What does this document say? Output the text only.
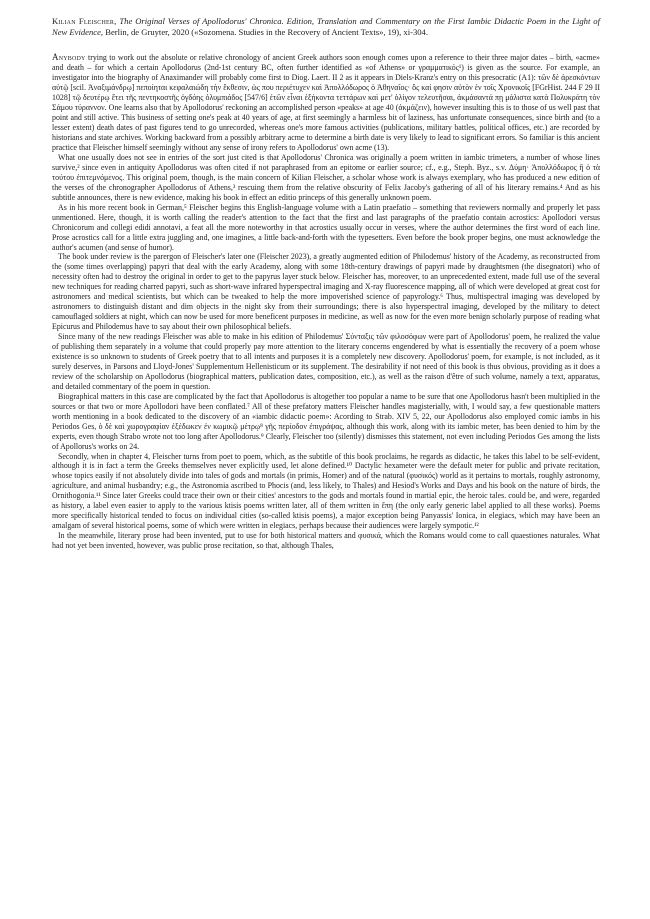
Kilian Fleischer, The Original Verses of Apollodorus' Chronica. Edition, Translation and Commentary on the First Iambic Didactic Poem in the Light of New Evidence, Berlin, de Gruyter, 2020 («Sozomena. Studies in the Recovery of Ancient Texts», 19), xi-304.

Anybody trying to work out the absolute or relative chronology of ancient Greek authors soon enough comes upon a reference to their three major dates – birth, «acme» and death – for which a certain Apollodorus (2nd-1st century BC, often further identified as «of Athens» or γραμματικός¹) is given as the source. For example, an investigator into the biography of Anaximander will probably come first to Diog. Laert. II 2 as it appears in Diels-Kranz's entry on this presocratic (A1): τῶν δὲ ἀρεσκόντων αὐτῷ [scil. Ἀναξιμάνδρῳ] πεποίηται κεφαλαιώδη τὴν ἔκθεσιν, ὡς που περιέτυχεν καὶ Ἀπολλόδωρος ὁ Ἀθηναῖος· ὃς καί φησιν αὐτὸν ἐν τοῖς Χρονικοῖς [FGrHist. 244 F 29 II 1028] τῷ δευτέρῳ ἔτει τῆς πεντηκοστῆς ὀγδόης ὀλυμπιάδος [547/6] ἐτῶν εἶναι ἑξήκοντα τεττάρων καὶ μετ' ὀλίγον τελευτῆσαι, ἀκμάσαντά πῃ μάλιστα κατὰ Πολυκράτη τὸν Σάμου τύραννον. One learns also that by Apollodorus' reckoning an accomplished person «peaks» at age 40 (ἀκμάζειν), however insulting this is to those of us well past that point and still active. This business of setting one's peak at 40 years of age, at first seemingly a harmless bit of laziness, has unfortunate consequences, since birth and (to a lesser extent) death dates of past figures tend to go unrecorded, whereas one's more famous activities (publications, military battles, political offices, etc.) are recorded by historians and state archives. Working backward from a possibly arbitrary acme to determine a birth date is very likely to lead to significant errors. So familiar is this ancient practice that Fleischer himself seemingly without any sense of irony refers to Apollodorus' own acme (13).

What one usually does not see in entries of the sort just cited is that Apollodorus' Chronica was originally a poem written in iambic trimeters, a number of whose lines survive,² since even in antiquity Apollodorus was often cited if not paraphrased from an epitome or earlier source; cf., e.g., Steph. Byz., s.v. Δύμη· Ἀπολλόδωρος ἢ ὁ τὰ τούτου ἐπιτεμνόμενος. This original poem, though, is the main concern of Kilian Fleischer, a scholar whose work is always exemplary, who has produced a new edition of the verses of the chronographer Apollodorus of Athens,³ rescuing them from the relative obscurity of Felix Jacoby's gathering of all of his literary remains.⁴ And as his subtitle announces, there is new evidence, making his book in effect an editio princeps of this generally unknown poem.

As in his more recent book in German,⁵ Fleischer begins this English-language volume with a Latin praefatio – something that reviewers normally and properly let pass unmentioned. Here, though, it is worth calling the reader's attention to the fact that the first and last paragraphs of the praefatio contain acrostics: Apollodori versus Chronicorum and collegi edidi annotavi, a feat all the more noteworthy in that acrostics usually occur in verses, where the author determines the first word of each line. Prose acrostics call for a little extra juggling and, one imagines, a little back-and-forth with the typesetters. Even before the book proper begins, one must acknowledge the author's acumen (and sense of humor).

The book under review is the parergon of Fleischer's later one (Fleischer 2023), a greatly augmented edition of Philodemus' history of the Academy, as reconstructed from the (some times overlapping) papyri that deal with the early Academy, along with some 18th-century drawings of papyri made by draughtsmen (the disegnatori) who of necessity often had to destroy the original in order to get to the papyrus layer stuck below. Fleischer has, moreover, to an unprecedented extent, made full use of the several new techniques for reading charred papyri, such as short-wave infrared hyperspectral imaging and X-ray fluorescence mapping, all of which were developed at great cost for astronomers and medical scientists, but which can be tweaked to help the more impoverished science of papyrology.⁶ Thus, multispectral imaging was developed by astronomers to distinguish distant and dim objects in the night sky from their surroundings; there is also hyperspectral imaging, developed by the military to detect camouflaged soldiers at night, which can now be used for more beneficent purposes in medicine, as well as now for the even more benign scholarly purpose of reading what Epicurus and Philodemus have to say about their own philosophical beliefs.

Since many of the new readings Fleischer was able to make in his edition of Philodemus' Σύνταξις τῶν φιλοσόφων were part of Apollodorus' poem, he realized the value of publishing them separately in a volume that could properly pay more attention to the literary concerns engendered by what is essentially the recovery of a poem whose existence is so unknown to students of Greek poetry that to all intents and purposes it is a completely new discovery. Apollodorus' poem, for example, is not included, as it surely deserves, in Parsons and Lloyd-Jones' Supplementum Hellenisticum or its supplement. The desirability if not need of this book is thus obvious, providing as it does a review of the scholarship on Apollodorus (biographical matters, publication dates, composition, etc.), as well as the raison d'être of such volume, namely a text, apparatus, and detailed commentary of the poem in question.

Biographical matters in this case are complicated by the fact that Apollodorus is altogether too popular a name to be sure that one Apollodorus hasn't been multiplied in the sources or that two or more Apollodori have been conflated.⁷ All of these prefatory matters Fleischer handles magisterially, with, I would say, a few questionable matters worth mentioning in a book dedicated to the discovery of an «iambic didactic poem»: Acording to Strab. XIV 5, 22, our Apollodorus also employed comic iambs in his Periodos Ges, ὁ δὲ καὶ χωρογραφίαν ἐξέδωκεν ἐν κωμικῷ μέτρῳ⁸ γῆς περίοδον ἐπιγράψας, although this work, along with its iambic meter, has been denied to him by the experts, even though Strabo wrote not too long after Apollodorus.⁹ Clearly, Fleischer too (silently) dismisses this statement, not even including Periodos Ges among the lists of Apollorus's works on 24.

Secondly, when in chapter 4, Fleischer turns from poet to poem, which, as the subtitle of this book proclaims, he regards as didactic, he takes this label to be self-evident, although it is in fact a term the Greeks themselves never explicitly used, let alone defined.¹⁰ Dactylic hexameter were the default meter for public and private recitation, whose topics easily if not absolutely divide into tales of gods and mortals (in primis, Homer) and of the natural (φυσικός) world as it pertains to mortals, roughly astronomy, agriculture, and animal husbandry; e.g., the Astronomia ascribed to Phocis (and, less likely, to Thales) and Hesiod's Works and Days and his book on the nature of birds, the Ornithogonia.¹¹ Since later Greeks could trace their own or their cities' ancestors to the gods and mortals found in martial epic, the heroic tales. could be, and were, regarded as history, a label even easier to apply to the various ktisis poems written later, all of them written in ἔπη (the only early generic label applied to all these works). Poems more specifically historical tended to focus on individual cities (so-called ktisis poems), a major exception being Panyassis' Ionica, in elegiacs, which may have been an amalgam of several historical poems, some of which were written in elegiacs, perhaps because their audiences were largely sympotic.¹²

In the meanwhile, literary prose had been invented, put to use for both historical matters and φυσικά, which the Romans would come to call quaestiones naturales. What had not yet been invented, however, was public prose recitation, so that, although Thales,
